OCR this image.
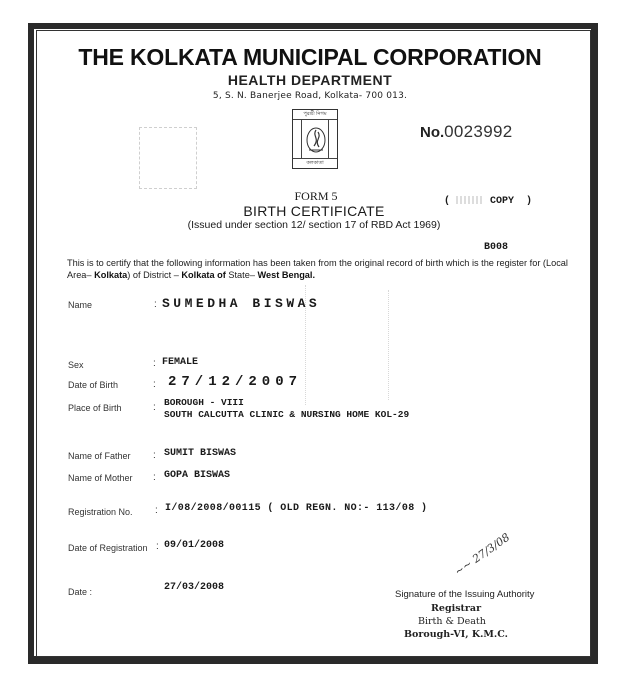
THE KOLKATA MUNICIPAL CORPORATION
HEALTH DEPARTMENT
5, S. N. Banerjee Road, Kolkata- 700 013.
পুরশ্রী নিগম
কলকাতা
No.0023992
FORM 5
BIRTH CERTIFICATE
(Issued under section 12/ section 17 of RBD Act 1969)
(	COPY )
B008
This is to certify that the following information has been taken from the original record of birth which is the register for (Local Area– Kolkata) of District – Kolkata of State– West Bengal.
Name	: SUMEDHA BISWAS
Sex	: FEMALE
Date of Birth	: 27/12/2007
Place of Birth	: BOROUGH - VIII
SOUTH CALCUTTA CLINIC & NURSING HOME KOL-29
Name of Father : SUMIT BISWAS
Name of Mother : GOPA BISWAS
Registration No. : I/08/2008/00115 ( OLD REGN. NO:- 113/08 )
Date of Registration : 09/01/2008
Date :	27/03/2008
~~ 27/3/08
Signature of the Issuing Authority
Registrar
Birth & Death
Borough-VI, K.M.C.
